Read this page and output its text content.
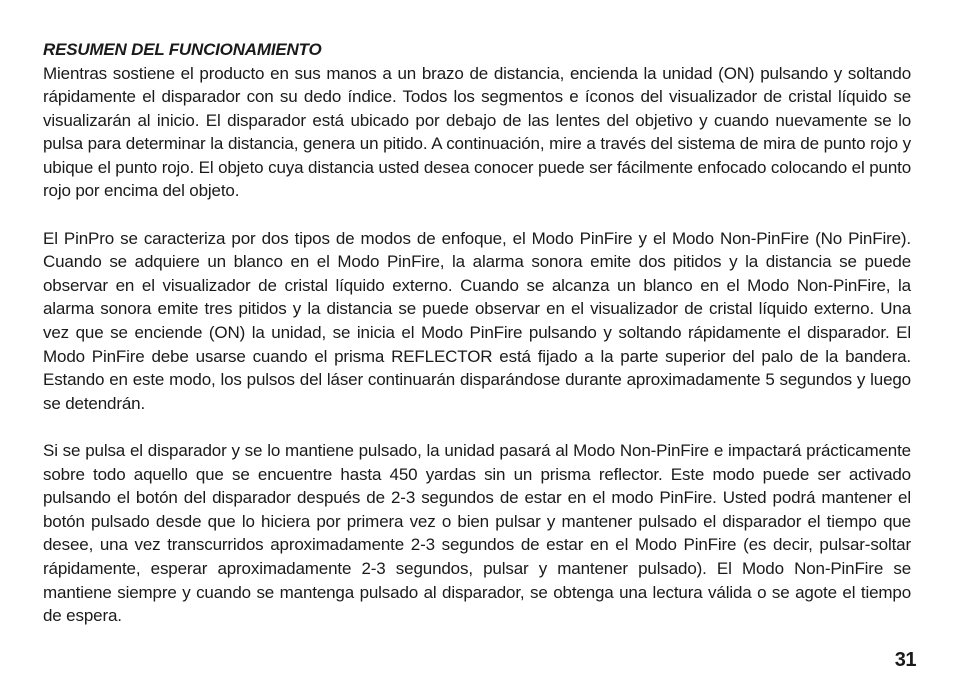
RESUMEN DEL FUNCIONAMIENTO

Mientras sostiene el producto en sus manos a un brazo de distancia, encienda la unidad (ON) pulsando y soltando rápidamente el disparador con su dedo índice. Todos los segmentos e íconos del visualizador de cristal líquido se visualizarán al inicio. El disparador está ubicado por debajo de las lentes del objetivo y cuando nuevamente se lo pulsa para determinar la distancia, genera un pitido. A continuación, mire a través del sistema de mira de punto rojo y ubique el punto rojo. El objeto cuya distancia usted desea conocer puede ser fácilmente enfocado colocando el punto rojo por encima del objeto.

El PinPro se caracteriza por dos tipos de modos de enfoque, el Modo PinFire y el Modo Non-PinFire (No PinFire). Cuando se adquiere un blanco en el Modo PinFire, la alarma sonora emite dos pitidos y la distancia se puede observar en el visualizador de cristal líquido externo. Cuando se alcanza un blanco en el Modo Non-PinFire, la alarma sonora emite tres pitidos y la distancia se puede observar en el visualizador de cristal líquido externo. Una vez que se enciende (ON) la unidad, se inicia el Modo PinFire pulsando y soltando rápidamente el disparador. El Modo PinFire debe usarse cuando el prisma REFLECTOR está fijado a la parte superior del palo de la bandera. Estando en este modo, los pulsos del láser continuarán disparándose durante aproximadamente 5 segundos y luego se detendrán.

Si se pulsa el disparador y se lo mantiene pulsado, la unidad pasará al Modo Non-PinFire e impactará prácticamente sobre todo aquello que se encuentre hasta 450 yardas sin un prisma reflector. Este modo puede ser activado pulsando el botón del disparador después de 2-3 segundos de estar en el modo PinFire. Usted podrá mantener el botón pulsado desde que lo hiciera por primera vez o bien pulsar y mantener pulsado el disparador el tiempo que desee, una vez transcurridos aproximadamente 2-3 segundos de estar en el Modo PinFire (es decir, pulsar-soltar rápidamente, esperar aproximadamente 2-3 segundos, pulsar y mantener pulsado). El Modo Non-PinFire se mantiene siempre y cuando se mantenga pulsado al disparador, se obtenga una lectura válida o se agote el tiempo de espera.

31
